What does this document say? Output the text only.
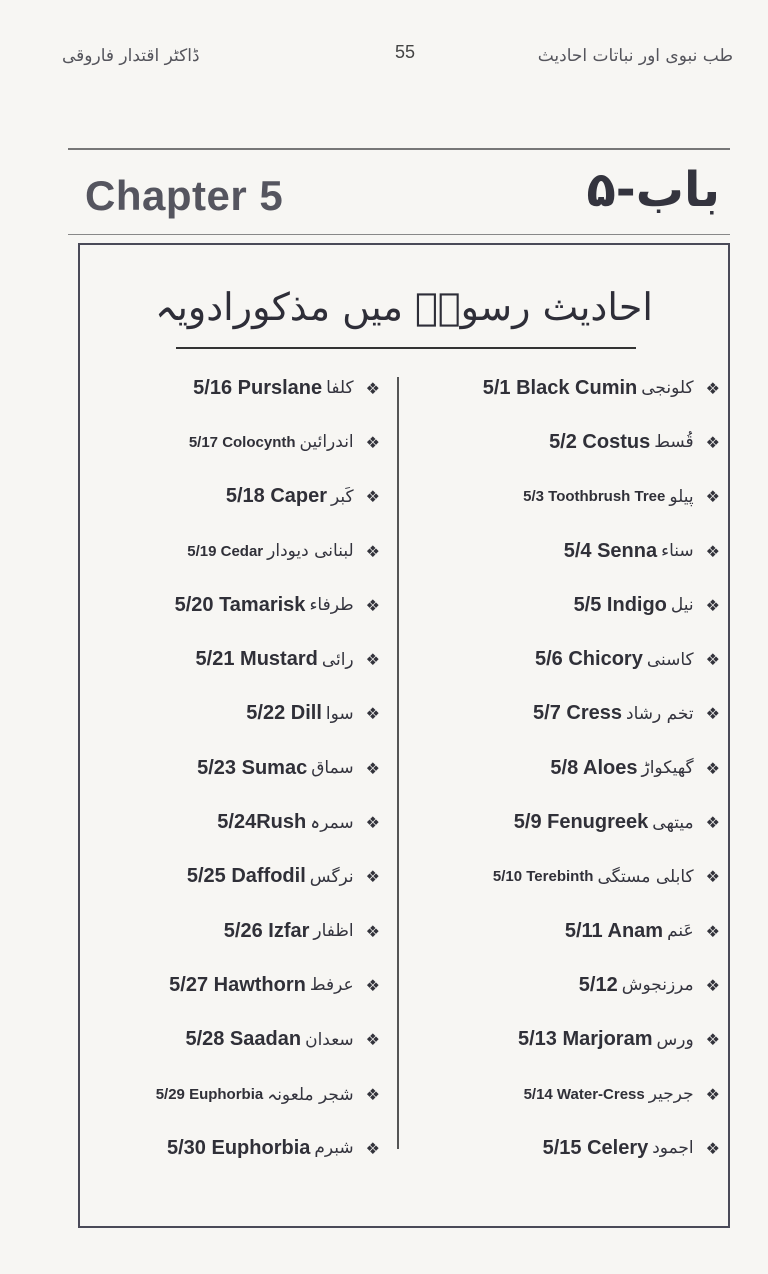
ڈاکٹر اقتدار فاروقی	55	طب نبوی اور نباتات احادیث
Chapter 5	باب-۵
احادیث رسولؐ میں مذکورادویہ
5/16 Purslane کلفا ❖
5/17 Colocynth اندرائین ❖
5/18 Caper کَبر ❖
5/19 Cedar لبنانی دیودار ❖
5/20 Tamarisk طرفاء ❖
5/21 Mustard رائی ❖
5/22 Dill سوا ❖
5/23 Sumac سماق ❖
5/24Rush سمرہ ❖
5/25 Daffodil نرگس ❖
5/26 Izfar اظفار ❖
5/27 Hawthorn عرفط ❖
5/28 Saadan سعدان ❖
5/29 Euphorbia شجر ملعونہ ❖
5/30 Euphorbia شبرم ❖
5/1 Black Cumin کلونجی ❖
5/2 Costus قُسط ❖
5/3 Toothbrush Tree پیلو ❖
5/4 Senna سناء ❖
5/5 Indigo نیل ❖
5/6 Chicory کاسنی ❖
5/7 Cress تخم رشاد ❖
5/8 Aloes گھیکواڑ ❖
5/9 Fenugreek میتھی ❖
5/10 Terebinth کابلی مستگی ❖
5/11 Anam عَنم ❖
5/12 مرزنجوش ❖
5/13 Marjoram ورس ❖
5/14 Water-Cress جرجیر ❖
5/15 Celery اجمود ❖
